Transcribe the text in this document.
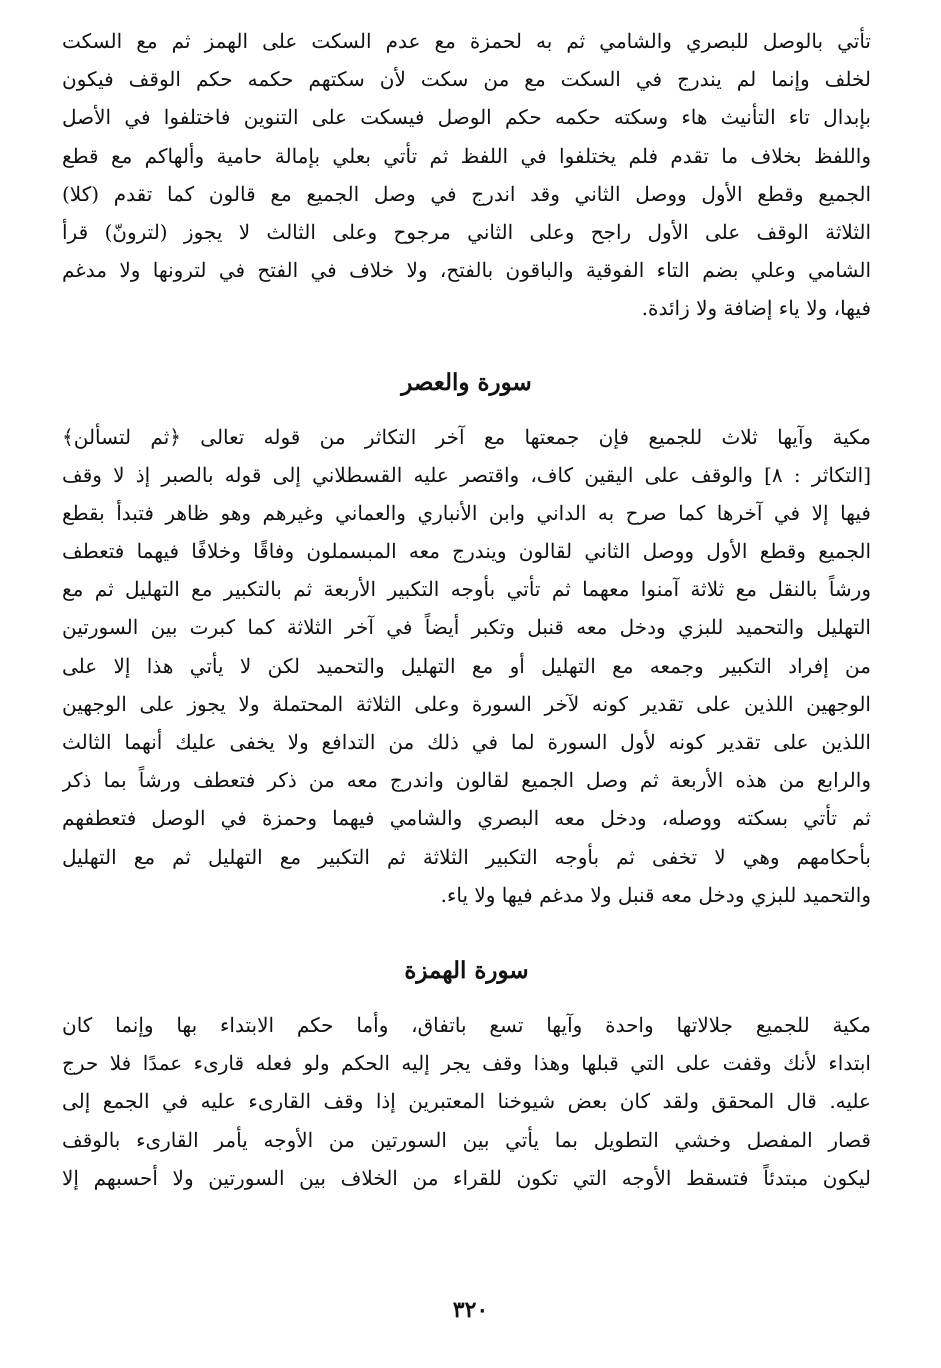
تأتي بالوصل للبصري والشامي ثم به لحمزة مع عدم السكت على الهمز ثم مع السكت
لخلف وإنما لم يندرج في السكت مع من سكت لأن سكتهم حكمه حكم الوقف فيكون
بإبدال تاء التأنيث هاء وسكته حكمه حكم الوصل فيسكت على التنوين فاختلفوا في الأصل
واللفظ بخلاف ما تقدم فلم يختلفوا في اللفظ ثم تأتي بعلي بإمالة حامية وألهاكم مع قطع
الجميع وقطع الأول ووصل الثاني وقد اندرج في وصل الجميع مع قالون كما تقدم (كلا)
الثلاثة الوقف على الأول راجح وعلى الثاني مرجوح وعلى الثالث لا يجوز (لترونّ) قرأ
الشامي وعلي بضم التاء الفوقية والباقون بالفتح، ولا خلاف في الفتح في لترونها ولا مدغم
فيها، ولا ياء إضافة ولا زائدة.
سورة والعصر
مكية وآيها ثلاث للجميع فإن جمعتها مع آخر التكاثر من قوله تعالى ﴿ثم لتسألن﴾
[التكاثر : ٨] والوقف على اليقين كاف، واقتصر عليه القسطلاني إلى قوله بالصبر إذ لا وقف
فيها إلا في آخرها كما صرح به الداني وابن الأنباري والعماني وغيرهم وهو ظاهر فتبدأ بقطع
الجميع وقطع الأول ووصل الثاني لقالون ويندرج معه المبسملون وفاقًا وخلافًا فيهما فتعطف
ورشاً بالنقل مع ثلاثة آمنوا معهما ثم تأتي بأوجه التكبير الأربعة ثم بالتكبير مع التهليل ثم مع
التهليل والتحميد للبزي ودخل معه قنبل وتكبر أيضاً في آخر الثلاثة كما كبرت بين السورتين
من إفراد التكبير وجمعه مع التهليل أو مع التهليل والتحميد لكن لا يأتي هذا إلا على
الوجهين اللذين على تقدير كونه لآخر السورة وعلى الثلاثة المحتملة ولا يجوز على الوجهين
اللذين على تقدير كونه لأول السورة لما في ذلك من التدافع ولا يخفى عليك أنهما الثالث
والرابع من هذه الأربعة ثم وصل الجميع لقالون واندرج معه من ذكر فتعطف ورشاً بما ذكر
ثم تأتي بسكته ووصله، ودخل معه البصري والشامي فيهما وحمزة في الوصل فتعطفهم
بأحكامهم وهي لا تخفى ثم بأوجه التكبير الثلاثة ثم التكبير مع التهليل ثم مع التهليل
والتحميد للبزي ودخل معه قنبل ولا مدغم فيها ولا ياء.
سورة الهمزة
مكية للجميع جلالاتها واحدة وآيها تسع باتفاق، وأما حكم الابتداء بها وإنما كان
ابتداء لأنك وقفت على التي قبلها وهذا وقف يجر إليه الحكم ولو فعله قارىء عمدًا فلا حرج
عليه. قال المحقق ولقد كان بعض شيوخنا المعتبرين إذا وقف القارىء عليه في الجمع إلى
قصار المفصل وخشي التطويل بما يأتي بين السورتين من الأوجه يأمر القارىء بالوقف
ليكون مبتدئاً فتسقط الأوجه التي تكون للقراء من الخلاف بين السورتين ولا أحسبهم إلا
٣٢٠
